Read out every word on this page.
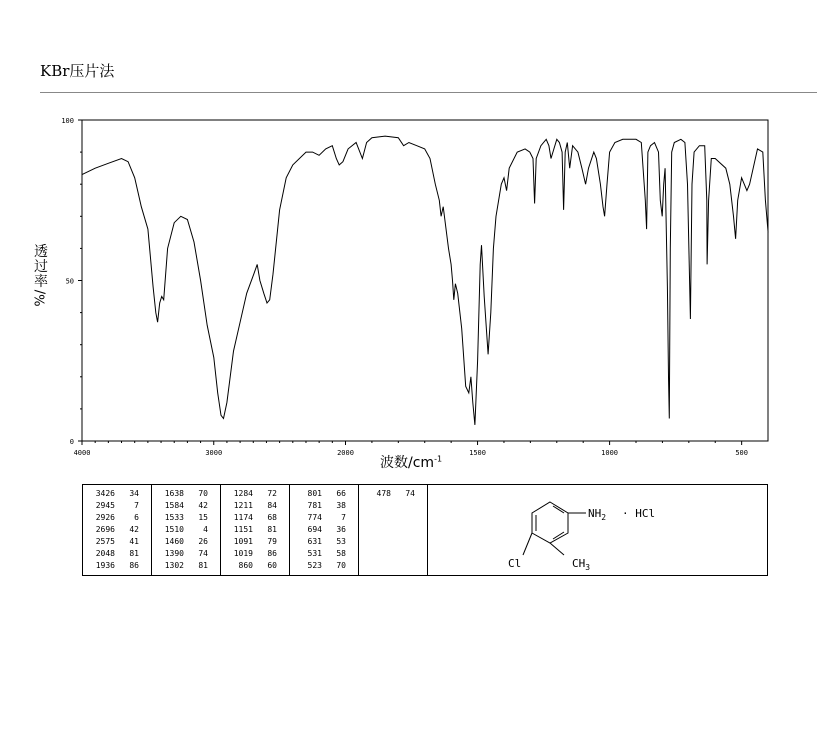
KBr压片法
透过率
%/
波数$/cm^{-1}$
4000	3000	2000	1500	1000	500
0
50
100
3426	34
2945	7
2926	6
2696	42
2575	41
2048	81
1936	86
1638	70
1584	42
1533	15
1510	4
1460	26
1390	74
1302	81
1284	72
1211	84
1174	68
1151	81
1091	79
1019	86
860	60
801	66
781	38
774	7
694	36
631	53
531	58
523	70
478	74
$NH_2$ · HCl
Cl	$CH_3$
